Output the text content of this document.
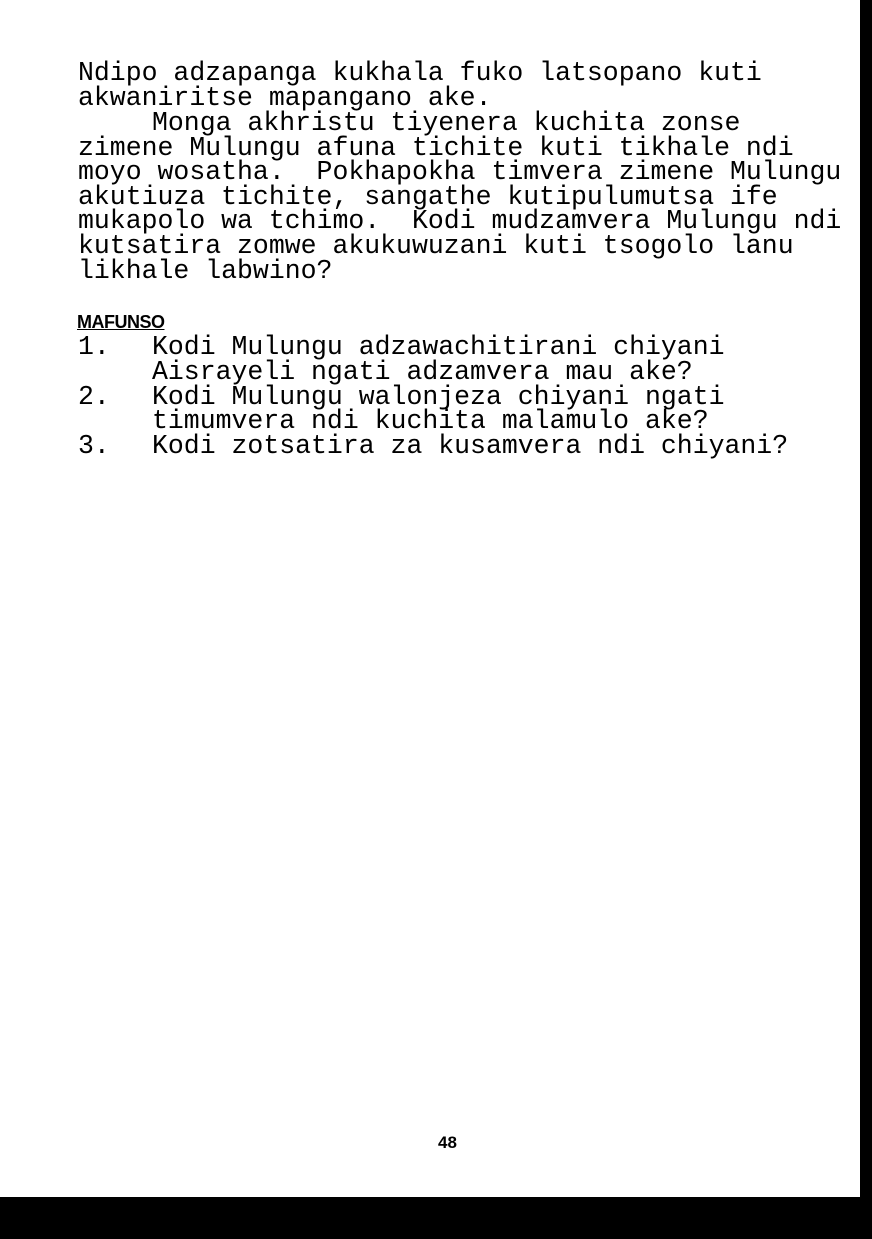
Ndipo adzapanga kukhala fuko latsopano kuti
akwaniritse mapangano ake.
Monga akhristu tiyenera kuchita zonse
zimene Mulungu afuna tichite kuti tikhale ndi
moyo wosatha.  Pokhapokha timvera zimene Mulungu
akutiuza tichite, sangathe kutipulumutsa ife
mukapolo wa tchimo.  Kodi mudzamvera Mulungu ndi
kutsatira zomwe akukuwuzani kuti tsogolo lanu
likhale labwino?
MAFUNSO
1. Kodi Mulungu adzawachitirani chiyani
Aisrayeli ngati adzamvera mau ake?
2. Kodi Mulungu walonjeza chiyani ngati
timumvera ndi kuchita malamulo ake?
3. Kodi zotsatira za kusamvera ndi chiyani?
48
